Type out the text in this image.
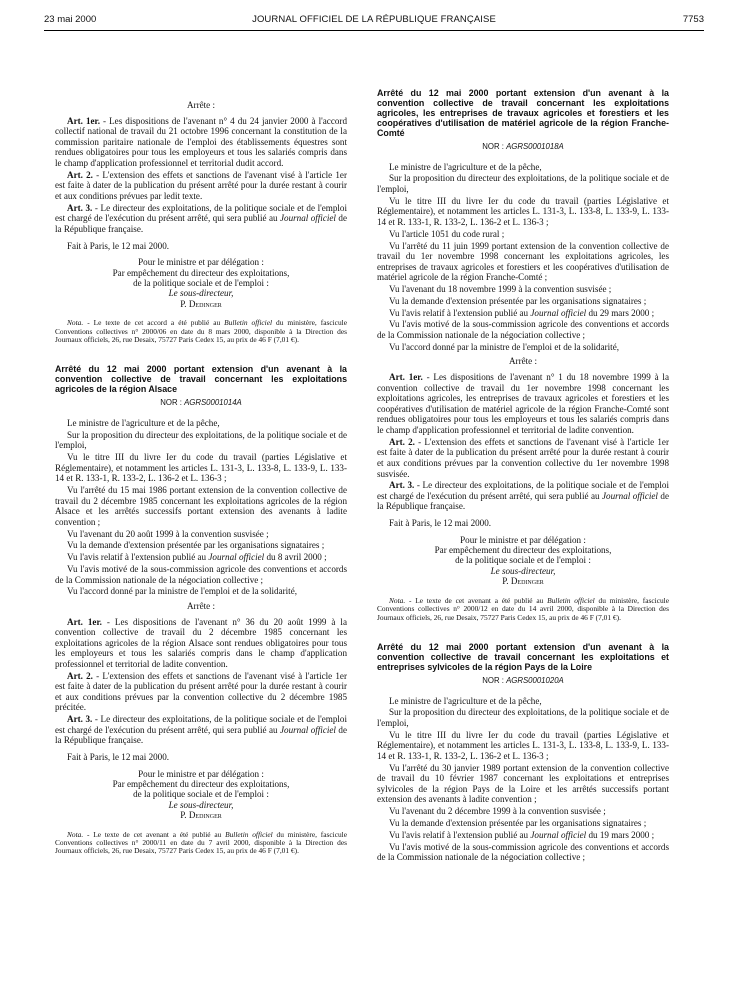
23 mai 2000	JOURNAL OFFICIEL DE LA RÉPUBLIQUE FRANÇAISE	7753

Arrête :

Art. 1er. - Les dispositions de l'avenant n° 4 du 24 janvier 2000 à l'accord collectif national de travail du 21 octobre 1996 concernant la constitution de la commission paritaire nationale de l'emploi des établissements équestres sont rendues obligatoires pour tous les employeurs et tous les salariés compris dans le champ d'application professionnel et territorial dudit accord.

Art. 2. - L'extension des effets et sanctions de l'avenant visé à l'article 1er est faite à dater de la publication du présent arrêté pour la durée restant à courir et aux conditions prévues par ledit texte.

Art. 3. - Le directeur des exploitations, de la politique sociale et de l'emploi est chargé de l'exécution du présent arrêté, qui sera publié au Journal officiel de la République française.

Fait à Paris, le 12 mai 2000.

Pour le ministre et par délégation :
Par empêchement du directeur des exploitations,
de la politique sociale et de l'emploi :
Le sous-directeur,
P. Dedinger

Nota. - Le texte de cet accord a été publié au Bulletin officiel du ministère, fascicule Conventions collectives n° 2000/06 en date du 8 mars 2000, disponible à la Direction des Journaux officiels, 26, rue Desaix, 75727 Paris Cedex 15, au prix de 46 F (7,01 €).

Arrêté du 12 mai 2000 portant extension d'un avenant à la convention collective de travail concernant les exploitations agricoles de la région Alsace

NOR : AGRS0001014A

Le ministre de l'agriculture et de la pêche,

Sur la proposition du directeur des exploitations, de la politique sociale et de l'emploi,

Vu le titre III du livre Ier du code du travail (parties Législative et Réglementaire), et notamment les articles L. 131-3, L. 133-8, L. 133-9, L. 133-14 et R. 133-1, R. 133-2, L. 136-2 et L. 136-3 ;

Vu l'arrêté du 15 mai 1986 portant extension de la convention collective de travail du 2 décembre 1985 concernant les exploitations agricoles de la région Alsace et les arrêtés successifs portant extension des avenants à ladite convention ;

Vu l'avenant du 20 août 1999 à la convention susvisée ;

Vu la demande d'extension présentée par les organisations signataires ;

Vu l'avis relatif à l'extension publié au Journal officiel du 8 avril 2000 ;

Vu l'avis motivé de la sous-commission agricole des conventions et accords de la Commission nationale de la négociation collective ;

Vu l'accord donné par la ministre de l'emploi et de la solidarité,

Arrête :

Art. 1er. - Les dispositions de l'avenant n° 36 du 20 août 1999 à la convention collective de travail du 2 décembre 1985 concernant les exploitations agricoles de la région Alsace sont rendues obligatoires pour tous les employeurs et tous les salariés compris dans le champ d'application professionnel et territorial de ladite convention.

Art. 2. - L'extension des effets et sanctions de l'avenant visé à l'article 1er est faite à dater de la publication du présent arrêté pour la durée restant à courir et aux conditions prévues par la convention collective du 2 décembre 1985 précitée.

Art. 3. - Le directeur des exploitations, de la politique sociale et de l'emploi est chargé de l'exécution du présent arrêté, qui sera publié au Journal officiel de la République française.

Fait à Paris, le 12 mai 2000.

Pour le ministre et par délégation :
Par empêchement du directeur des exploitations,
de la politique sociale et de l'emploi :
Le sous-directeur,
P. Dedinger

Nota. - Le texte de cet avenant a été publié au Bulletin officiel du ministère, fascicule Conventions collectives n° 2000/11 en date du 7 avril 2000, disponible à la Direction des Journaux officiels, 26, rue Desaix, 75727 Paris Cedex 15, au prix de 46 F (7,01 €).

Arrêté du 12 mai 2000 portant extension d'un avenant à la convention collective de travail concernant les exploitations agricoles, les entreprises de travaux agricoles et forestiers et les coopératives d'utilisation de matériel agricole de la région Franche-Comté

NOR : AGRS0001018A

Le ministre de l'agriculture et de la pêche,

Sur la proposition du directeur des exploitations, de la politique sociale et de l'emploi,

Vu le titre III du livre Ier du code du travail (parties Législative et Réglementaire), et notamment les articles L. 131-3, L. 133-8, L. 133-9, L. 133-14 et R. 133-1, R. 133-2, L. 136-2 et L. 136-3 ;

Vu l'article 1051 du code rural ;

Vu l'arrêté du 11 juin 1999 portant extension de la convention collective de travail du 1er novembre 1998 concernant les exploitations agricoles, les entreprises de travaux agricoles et forestiers et les coopératives d'utilisation de matériel agricole de la région Franche-Comté ;

Vu l'avenant du 18 novembre 1999 à la convention susvisée ;

Vu la demande d'extension présentée par les organisations signataires ;

Vu l'avis relatif à l'extension publié au Journal officiel du 29 mars 2000 ;

Vu l'avis motivé de la sous-commission agricole des conventions et accords de la Commission nationale de la négociation collective ;

Vu l'accord donné par la ministre de l'emploi et de la solidarité,

Arrête :

Art. 1er. - Les dispositions de l'avenant n° 1 du 18 novembre 1999 à la convention collective de travail du 1er novembre 1998 concernant les exploitations agricoles, les entreprises de travaux agricoles et forestiers et les coopératives d'utilisation de matériel agricole de la région Franche-Comté sont rendues obligatoires pour tous les employeurs et tous les salariés compris dans le champ d'application professionnel et territorial de ladite convention.

Art. 2. - L'extension des effets et sanctions de l'avenant visé à l'article 1er est faite à dater de la publication du présent arrêté pour la durée restant à courir et aux conditions prévues par la convention collective du 1er novembre 1998 susvisée.

Art. 3. - Le directeur des exploitations, de la politique sociale et de l'emploi est chargé de l'exécution du présent arrêté, qui sera publié au Journal officiel de la République française.

Fait à Paris, le 12 mai 2000.

Pour le ministre et par délégation :
Par empêchement du directeur des exploitations,
de la politique sociale et de l'emploi :
Le sous-directeur,
P. Dedinger

Nota. - Le texte de cet avenant a été publié au Bulletin officiel du ministère, fascicule Conventions collectives n° 2000/12 en date du 14 avril 2000, disponible à la Direction des Journaux officiels, 26, rue Desaix, 75727 Paris Cedex 15, au prix de 46 F (7,01 €).

Arrêté du 12 mai 2000 portant extension d'un avenant à la convention collective de travail concernant les exploitations et entreprises sylvicoles de la région Pays de la Loire

NOR : AGRS0001020A

Le ministre de l'agriculture et de la pêche,

Sur la proposition du directeur des exploitations, de la politique sociale et de l'emploi,

Vu le titre III du livre Ier du code du travail (parties Législative et Réglementaire), et notamment les articles L. 131-3, L. 133-8, L. 133-9, L. 133-14 et R. 133-1, R. 133-2, L. 136-2 et L. 136-3 ;

Vu l'arrêté du 30 janvier 1989 portant extension de la convention collective de travail du 10 février 1987 concernant les exploitations et entreprises sylvicoles de la région Pays de la Loire et les arrêtés successifs portant extension des avenants à ladite convention ;

Vu l'avenant du 2 décembre 1999 à la convention susvisée ;

Vu la demande d'extension présentée par les organisations signataires ;

Vu l'avis relatif à l'extension publié au Journal officiel du 19 mars 2000 ;

Vu l'avis motivé de la sous-commission agricole des conventions et accords de la Commission nationale de la négociation collective ;
